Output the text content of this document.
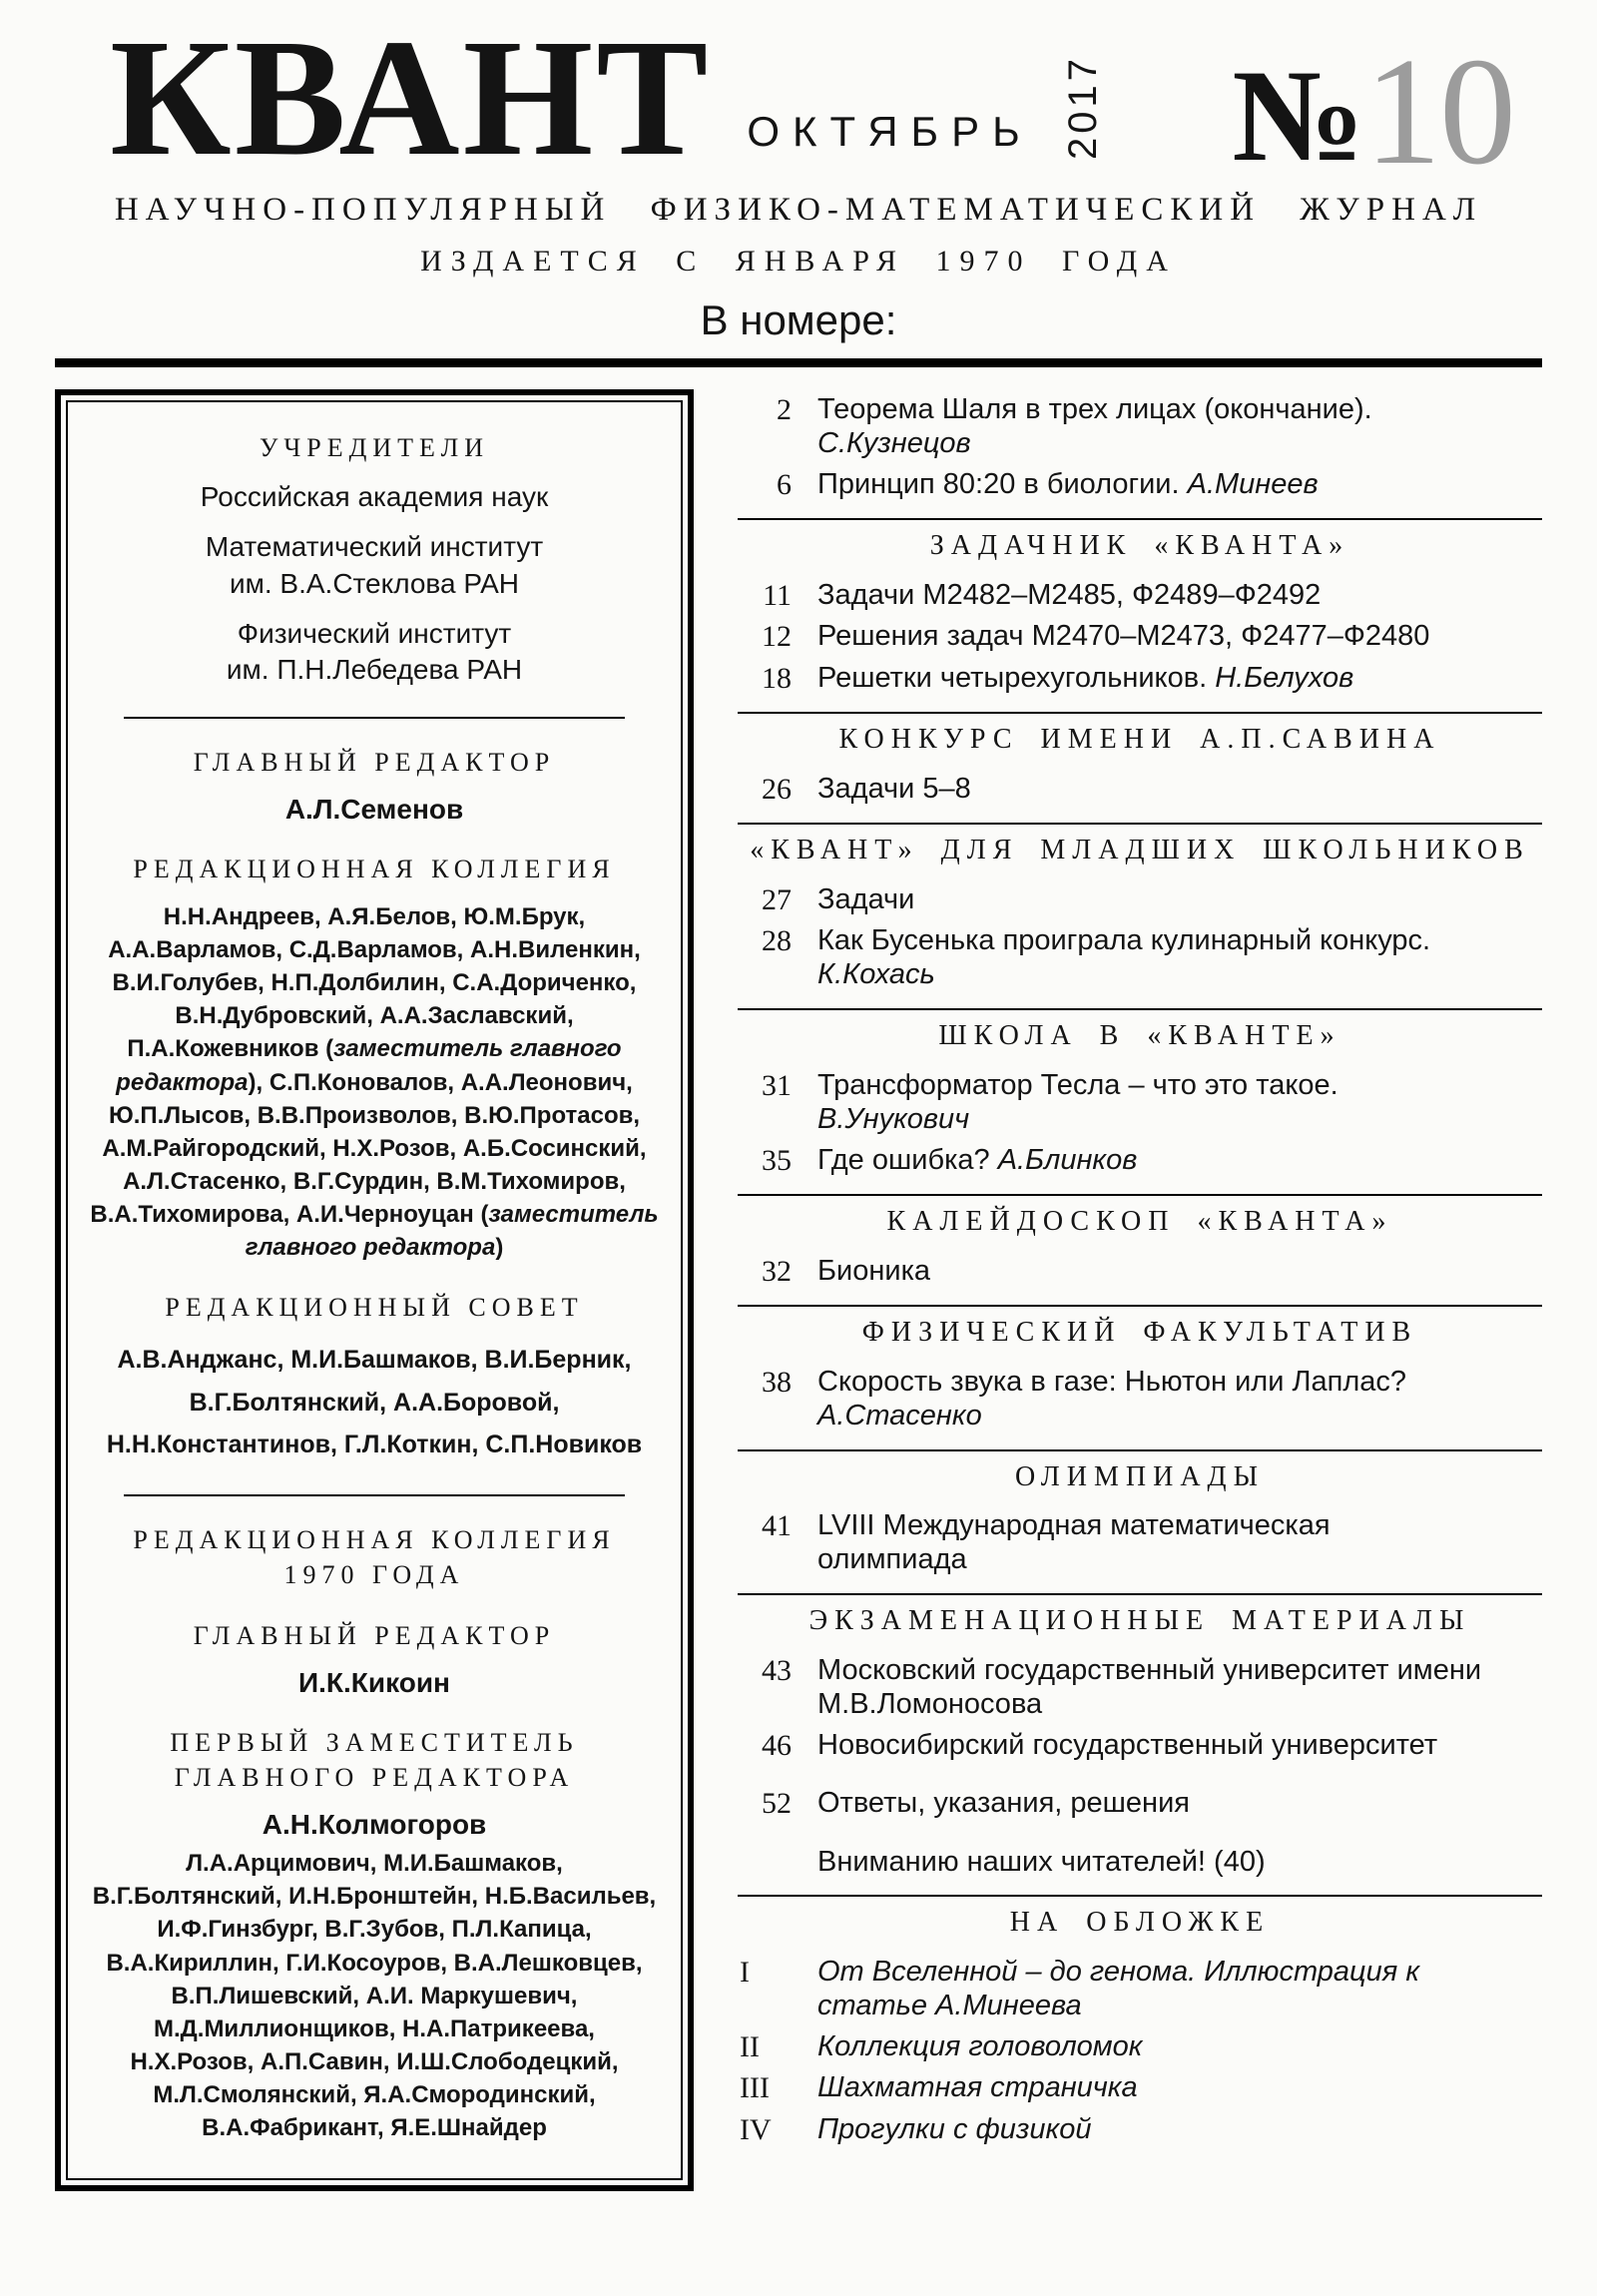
КВАНТ ОКТЯБРЬ 2017 № 10
НАУЧНО-ПОПУЛЯРНЫЙ ФИЗИКО-МАТЕМАТИЧЕСКИЙ ЖУРНАЛ
ИЗДАЕТСЯ С ЯНВАРЯ 1970 ГОДА
В номере:
УЧРЕДИТЕЛИ
Российская академия наук
Математический институт
им. В.А.Стеклова РАН
Физический институт
им. П.Н.Лебедева РАН
ГЛАВНЫЙ РЕДАКТОР
А.Л.Семенов
РЕДАКЦИОННАЯ КОЛЛЕГИЯ
Н.Н.Андреев, А.Я.Белов, Ю.М.Брук, А.А.Варламов, С.Д.Варламов, А.Н.Виленкин, В.И.Голубев, Н.П.Долбилин, С.А.Дориченко, В.Н.Дубровский, А.А.Заславский, П.А.Кожевников (заместитель главного редактора), С.П.Коновалов, А.А.Леонович, Ю.П.Лысов, В.В.Произволов, В.Ю.Протасов, А.М.Райгородский, Н.Х.Розов, А.Б.Сосинский, А.Л.Стасенко, В.Г.Сурдин, В.М.Тихомиров, В.А.Тихомирова, А.И.Черноуцан (заместитель главного редактора)
РЕДАКЦИОННЫЙ СОВЕТ
А.В.Анджанс, М.И.Башмаков, В.И.Берник, В.Г.Болтянский, А.А.Боровой, Н.Н.Константинов, Г.Л.Коткин, С.П.Новиков
РЕДАКЦИОННАЯ КОЛЛЕГИЯ
1970 ГОДА
ГЛАВНЫЙ РЕДАКТОР
И.К.Кикоин
ПЕРВЫЙ ЗАМЕСТИТЕЛЬ
ГЛАВНОГО РЕДАКТОРА
А.Н.Колмогоров
Л.А.Арцимович, М.И.Башмаков, В.Г.Болтянский, И.Н.Бронштейн, Н.Б.Васильев, И.Ф.Гинзбург, В.Г.Зубов, П.Л.Капица, В.А.Кириллин, Г.И.Косоуров, В.А.Лешковцев, В.П.Лишевский, А.И. Маркушевич, М.Д.Миллионщиков, Н.А.Патрикеева, Н.Х.Розов, А.П.Савин, И.Ш.Слободецкий, М.Л.Смолянский, Я.А.Смородинский, В.А.Фабрикант, Я.Е.Шнайдер
2 Теорема Шаля в трех лицах (окончание).
С.Кузнецов
6 Принцип 80:20 в биологии. А.Минеев
ЗАДАЧНИК «КВАНТА»
11 Задачи М2482–М2485, Ф2489–Ф2492
12 Решения задач М2470–М2473, Ф2477–Ф2480
18 Решетки четырехугольников. Н.Белухов
КОНКУРС ИМЕНИ А.П.САВИНА
26 Задачи 5–8
«КВАНТ» ДЛЯ МЛАДШИХ ШКОЛЬНИКОВ
27 Задачи
28 Как Бусенька проиграла кулинарный конкурс.
К.Кохась
ШКОЛА В «КВАНТЕ»
31 Трансформатор Тесла – что это такое.
В.Унукович
35 Где ошибка? А.Блинков
КАЛЕЙДОСКОП «КВАНТА»
32 Бионика
ФИЗИЧЕСКИЙ ФАКУЛЬТАТИВ
38 Скорость звука в газе: Ньютон или Лаплас?
А.Стасенко
ОЛИМПИАДЫ
41 LVIII Международная математическая олимпиада
ЭКЗАМЕНАЦИОННЫЕ МАТЕРИАЛЫ
43 Московский государственный университет имени М.В.Ломоносова
46 Новосибирский государственный университет
52 Ответы, указания, решения
Вниманию наших читателей! (40)
НА ОБЛОЖКЕ
I	От Вселенной – до генома. Иллюстрация к статье А.Минеева
II	Коллекция головоломок
III	Шахматная страничка
IV	Прогулки с физикой
